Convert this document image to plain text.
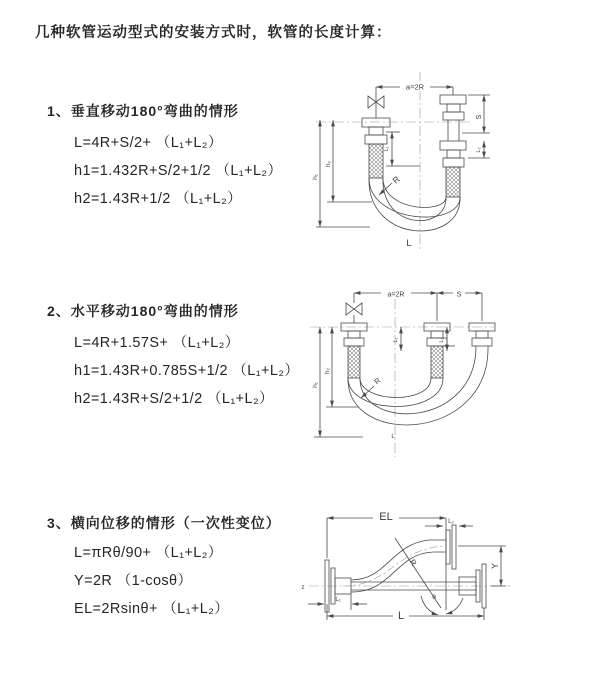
几种软管运动型式的安装方式时，软管的长度计算：
1、垂直移动180°弯曲的情形
L=4R+S/2+ （L₁+L₂）
h1=1.432R+S/2+1/2 （L₁+L₂）
h2=1.43R+1/2 （L₁+L₂）
2、水平移动180°弯曲的情形
L=4R+1.57S+ （L₁+L₂）
h1=1.43R+0.785S+1/2 （L₁+L₂）
h2=1.43R+S/2+1/2 （L₁+L₂）
3、横向位移的情形（一次性变位）
L=πRθ/90+ （L₁+L₂）
Y=2R （1-cosθ）
EL=2Rsinθ+ （L₁+L₂）
a=2R
S
L₂
L₁
h₁
h₂
R
L
a=2R	S
h₁
h₂
L₁	L₂
R
L
EL
L
Y
R
θ
L₁
L₂
z
